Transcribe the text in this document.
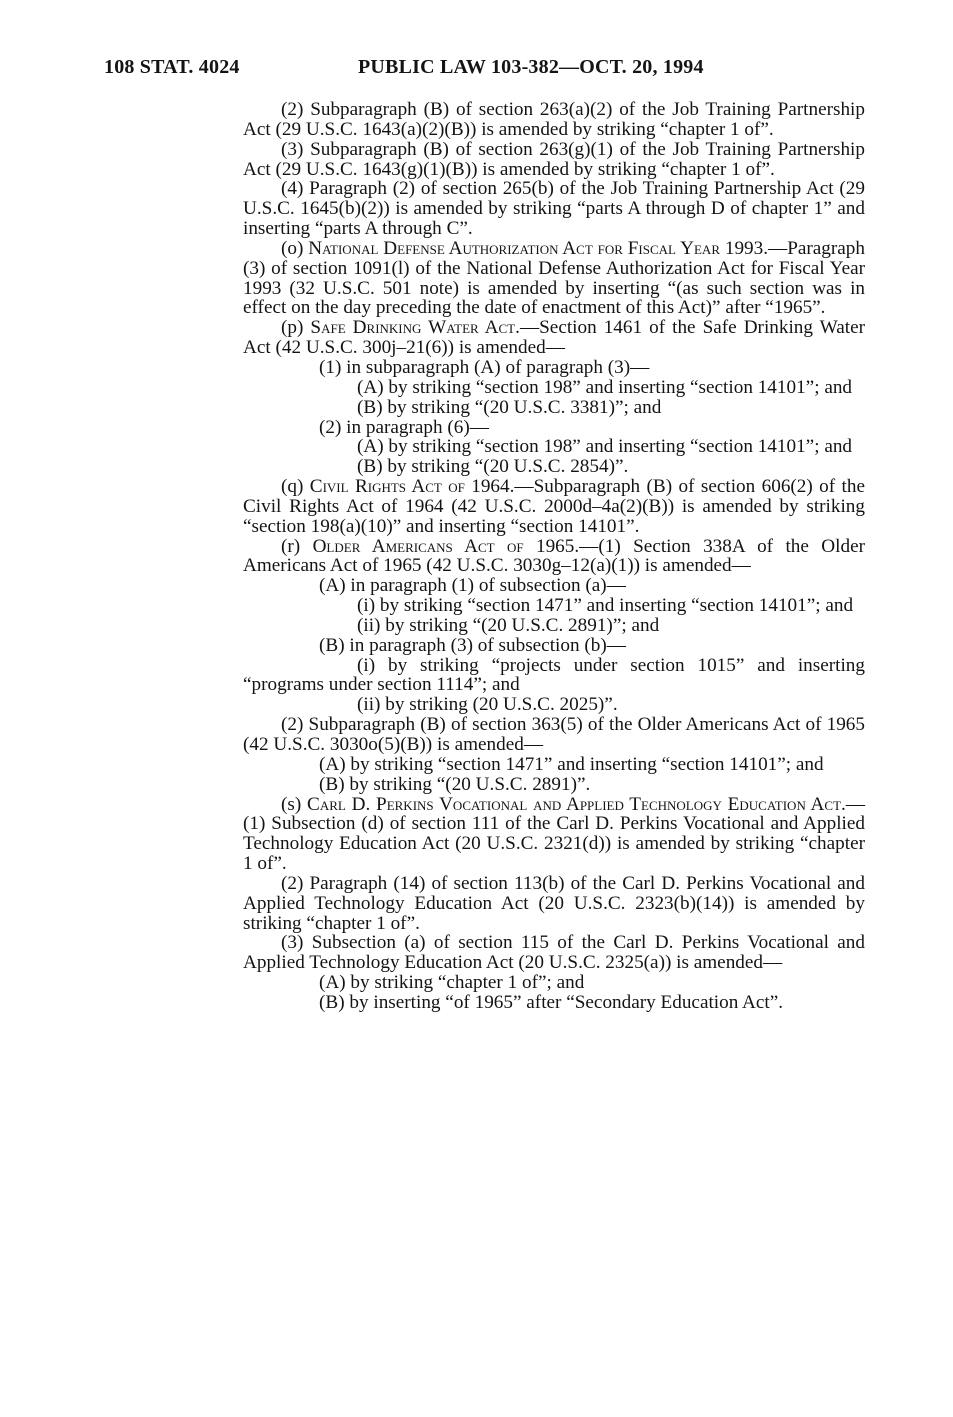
108 STAT. 4024	PUBLIC LAW 103-382—OCT. 20, 1994

(2) Subparagraph (B) of section 263(a)(2) of the Job Training Partnership Act (29 U.S.C. 1643(a)(2)(B)) is amended by striking “chapter 1 of”.

(3) Subparagraph (B) of section 263(g)(1) of the Job Training Partnership Act (29 U.S.C. 1643(g)(1)(B)) is amended by striking “chapter 1 of”.

(4) Paragraph (2) of section 265(b) of the Job Training Partnership Act (29 U.S.C. 1645(b)(2)) is amended by striking “parts A through D of chapter 1” and inserting “parts A through C”.

(o) National Defense Authorization Act for Fiscal Year 1993.—Paragraph (3) of section 1091(l) of the National Defense Authorization Act for Fiscal Year 1993 (32 U.S.C. 501 note) is amended by inserting “(as such section was in effect on the day preceding the date of enactment of this Act)” after “1965”.

(p) Safe Drinking Water Act.—Section 1461 of the Safe Drinking Water Act (42 U.S.C. 300j–21(6)) is amended—

(1) in subparagraph (A) of paragraph (3)—

(A) by striking “section 198” and inserting “section 14101”; and

(B) by striking “(20 U.S.C. 3381)”; and

(2) in paragraph (6)—

(A) by striking “section 198” and inserting “section 14101”; and

(B) by striking “(20 U.S.C. 2854)”.

(q) Civil Rights Act of 1964.—Subparagraph (B) of section 606(2) of the Civil Rights Act of 1964 (42 U.S.C. 2000d–4a(2)(B)) is amended by striking “section 198(a)(10)” and inserting “section 14101”.

(r) Older Americans Act of 1965.—(1) Section 338A of the Older Americans Act of 1965 (42 U.S.C. 3030g–12(a)(1)) is amended—

(A) in paragraph (1) of subsection (a)—

(i) by striking “section 1471” and inserting “section 14101”; and

(ii) by striking “(20 U.S.C. 2891)”; and

(B) in paragraph (3) of subsection (b)—

(i) by striking “projects under section 1015” and inserting “programs under section 1114”; and

(ii) by striking (20 U.S.C. 2025)”.

(2) Subparagraph (B) of section 363(5) of the Older Americans Act of 1965 (42 U.S.C. 3030o(5)(B)) is amended—

(A) by striking “section 1471” and inserting “section 14101”; and

(B) by striking “(20 U.S.C. 2891)”.

(s) Carl D. Perkins Vocational and Applied Technology Education Act.—(1) Subsection (d) of section 111 of the Carl D. Perkins Vocational and Applied Technology Education Act (20 U.S.C. 2321(d)) is amended by striking “chapter 1 of”.

(2) Paragraph (14) of section 113(b) of the Carl D. Perkins Vocational and Applied Technology Education Act (20 U.S.C. 2323(b)(14)) is amended by striking “chapter 1 of”.

(3) Subsection (a) of section 115 of the Carl D. Perkins Vocational and Applied Technology Education Act (20 U.S.C. 2325(a)) is amended—

(A) by striking “chapter 1 of”; and

(B) by inserting “of 1965” after “Secondary Education Act”.
